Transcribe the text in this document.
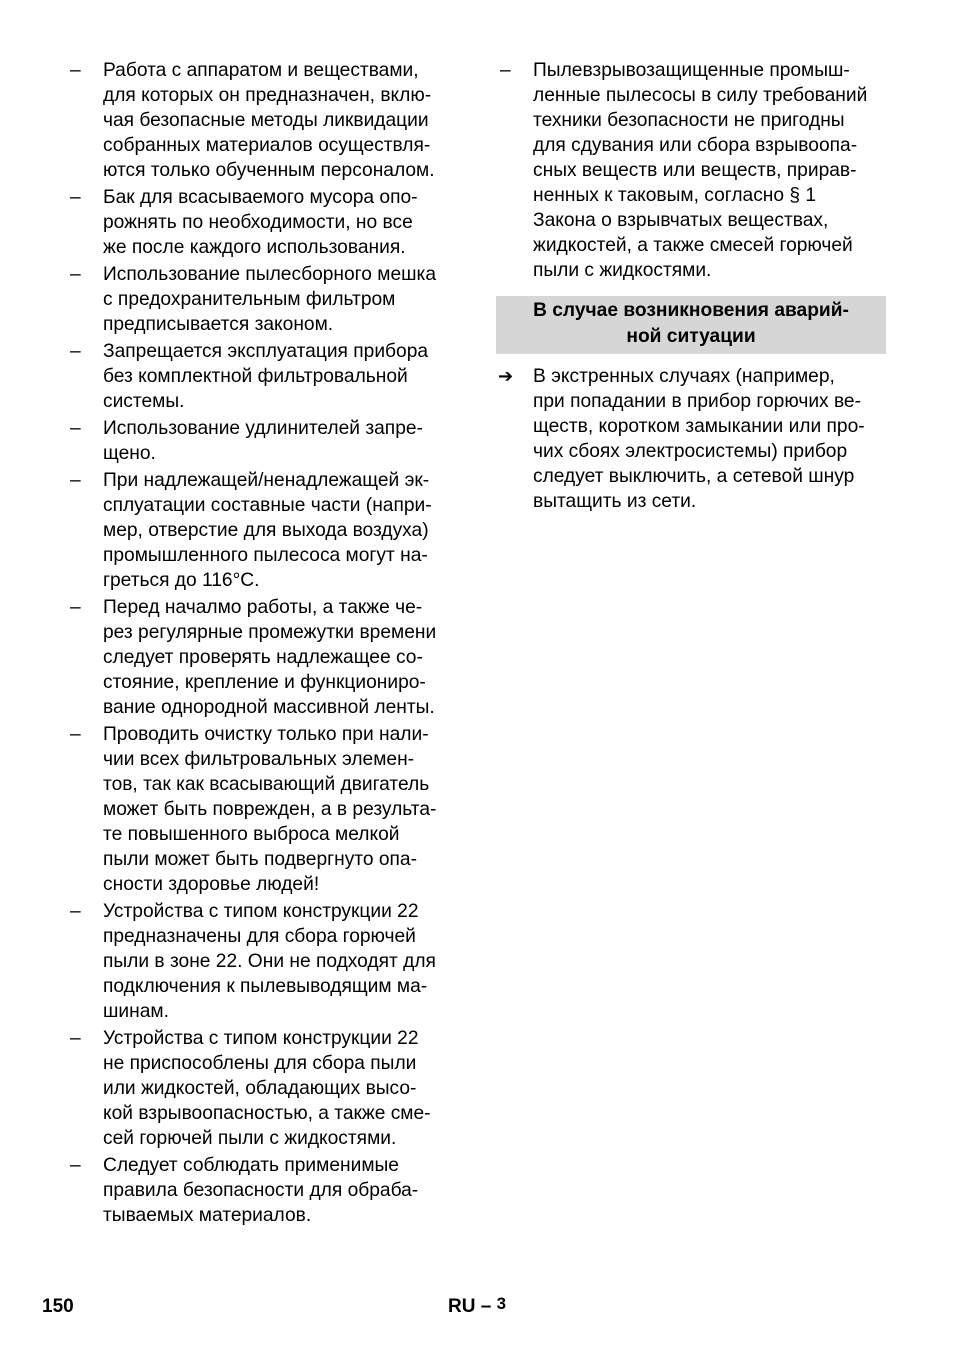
–	Работа с аппаратом и веществами,
для которых он предназначен, вклю-
чая безопасные методы ликвидации
собранных материалов осуществля-
ются только обученным персоналом.
–	Бак для всасываемого мусора опо-
рожнять по необходимости, но все
же после каждого использования.
–	Использование пылесборного мешка
с предохранительным фильтром
предписывается законом.
–	Запрещается эксплуатация прибора
без комплектной фильтровальной
системы.
–	Использование удлинителей запре-
щено.
–	При надлежащей/ненадлежащей эк-
сплуатации составные части (напри-
мер, отверстие для выхода воздуха)
промышленного пылесоса могут на-
греться до 116°C.
–	Перед началмо работы, а также че-
рез регулярные промежутки времени
следует проверять надлежащее со-
стояние, крепление и функциониро-
вание однородной массивной ленты.
–	Проводить очистку только при нали-
чии всех фильтровальных элемен-
тов, так как всасывающий двигатель
может быть поврежден, а в результа-
те повышенного выброса мелкой
пыли может быть подвергнуто опа-
сности здоровье людей!
–	Устройства с типом конструкции 22
предназначены для сбора горючей
пыли в зоне 22. Они не подходят для
подключения к пылевыводящим ма-
шинам.
–	Устройства с типом конструкции 22
не приспособлены для сбора пыли
или жидкостей, обладающих высо-
кой взрывоопасностью, а также сме-
сей горючей пыли с жидкостями.
–	Следует соблюдать применимые
правила безопасности для обраба-
тываемых материалов.
–	Пылевзрывозащищенные промыш-
ленные пылесосы в силу требований
техники безопасности не пригодны
для сдувания или сбора взрывоопа-
сных веществ или веществ, прирав-
ненных к таковым, согласно § 1
Закона о взрывчатых веществах,
жидкостей, а также смесей горючей
пыли с жидкостями.
В случае возникновения аварий-
ной ситуации
➔	В экстренных случаях (например,
при попадании в прибор горючих ве-
ществ, коротком замыкании или про-
чих сбоях электросистемы) прибор
следует выключить, а сетевой шнур
вытащить из сети.
150	RU – 3
